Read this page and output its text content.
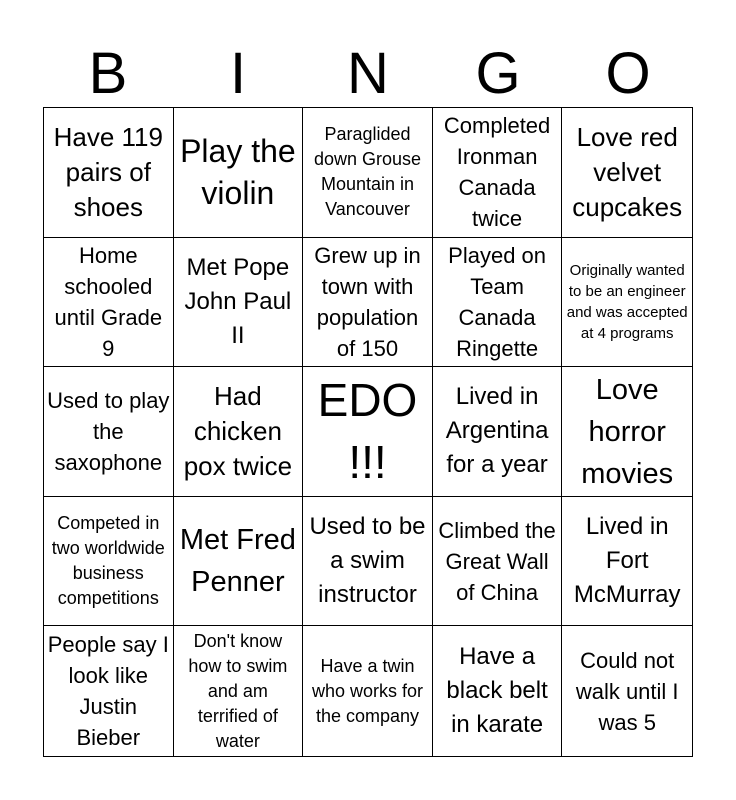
B	I	N	G	O
Have 119 pairs of shoes
Play the violin
Paraglided down Grouse Mountain in Vancouver
Completed Ironman Canada twice
Love red velvet cupcakes
Home schooled until Grade 9
Met Pope John Paul II
Grew up in town with population of 150
Played on Team Canada Ringette
Originally wanted to be an engineer and was accepted at 4 programs
Used to play the saxophone
Had chicken pox twice
EDO !!!
Lived in Argentina for a year
Love horror movies
Competed in two worldwide business competitions
Met Fred Penner
Used to be a swim instructor
Climbed the Great Wall of China
Lived in Fort McMurray
People say I look like Justin Bieber
Don't know how to swim and am terrified of water
Have a twin who works for the company
Have a black belt in karate
Could not walk until I was 5
